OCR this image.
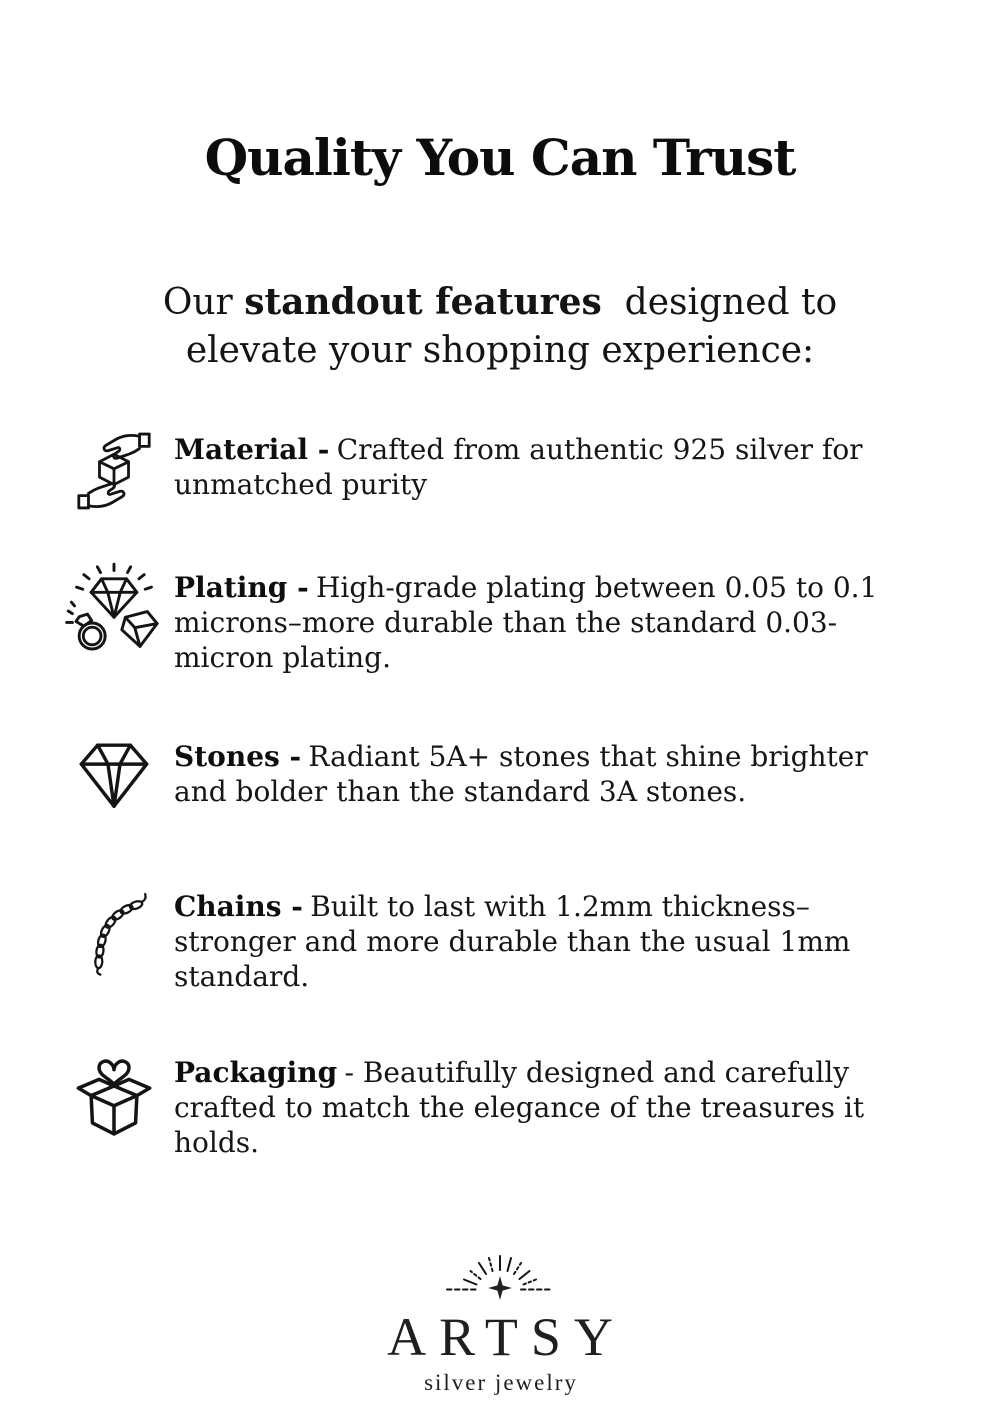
Quality You Can Trust

Our standout features  designed to elevate your shopping experience:

Material - Crafted from authentic 925 silver for unmatched purity
Plating - High-grade plating between 0.05 to 0.1 microns–more durable than the standard 0.03-micron plating.
Stones - Radiant 5A+ stones that shine brighter and bolder than the standard 3A stones.
Chains - Built to last with 1.2mm thickness–stronger and more durable than the usual 1mm standard.
Packaging - Beautifully designed and carefully crafted to match the elegance of the treasures it holds.
ARTSY
silver jewelry
